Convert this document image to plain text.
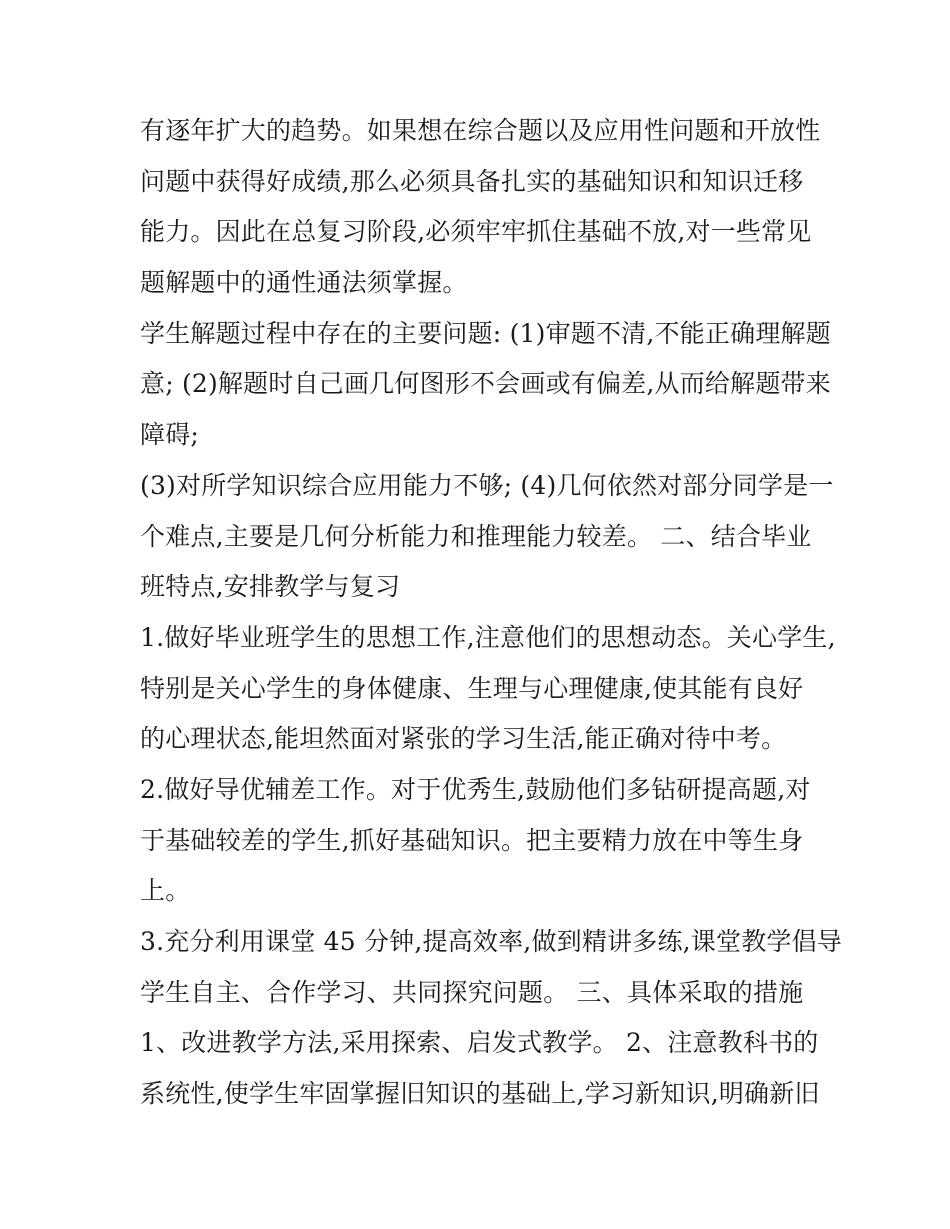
有逐年扩大的趋势。如果想在综合题以及应用性问题和开放性
问题中获得好成绩,那么必须具备扎实的基础知识和知识迁移
能力。因此在总复习阶段,必须牢牢抓住基础不放,对一些常见
题解题中的通性通法须掌握。
学生解题过程中存在的主要问题: (1)审题不清,不能正确理解题
意; (2)解题时自己画几何图形不会画或有偏差,从而给解题带来
障碍;
(3)对所学知识综合应用能力不够; (4)几何依然对部分同学是一
个难点,主要是几何分析能力和推理能力较差。 二、结合毕业
班特点,安排教学与复习
1.做好毕业班学生的思想工作,注意他们的思想动态。关心学生,
特别是关心学生的身体健康、生理与心理健康,使其能有良好
的心理状态,能坦然面对紧张的学习生活,能正确对待中考。
2.做好导优辅差工作。对于优秀生,鼓励他们多钻研提高题,对
于基础较差的学生,抓好基础知识。把主要精力放在中等生身
上。
3.充分利用课堂 45 分钟,提高效率,做到精讲多练,课堂教学倡导
学生自主、合作学习、共同探究问题。 三、具体采取的措施
1、改进教学方法,采用探索、启发式教学。 2、注意教科书的
系统性,使学生牢固掌握旧知识的基础上,学习新知识,明确新旧
